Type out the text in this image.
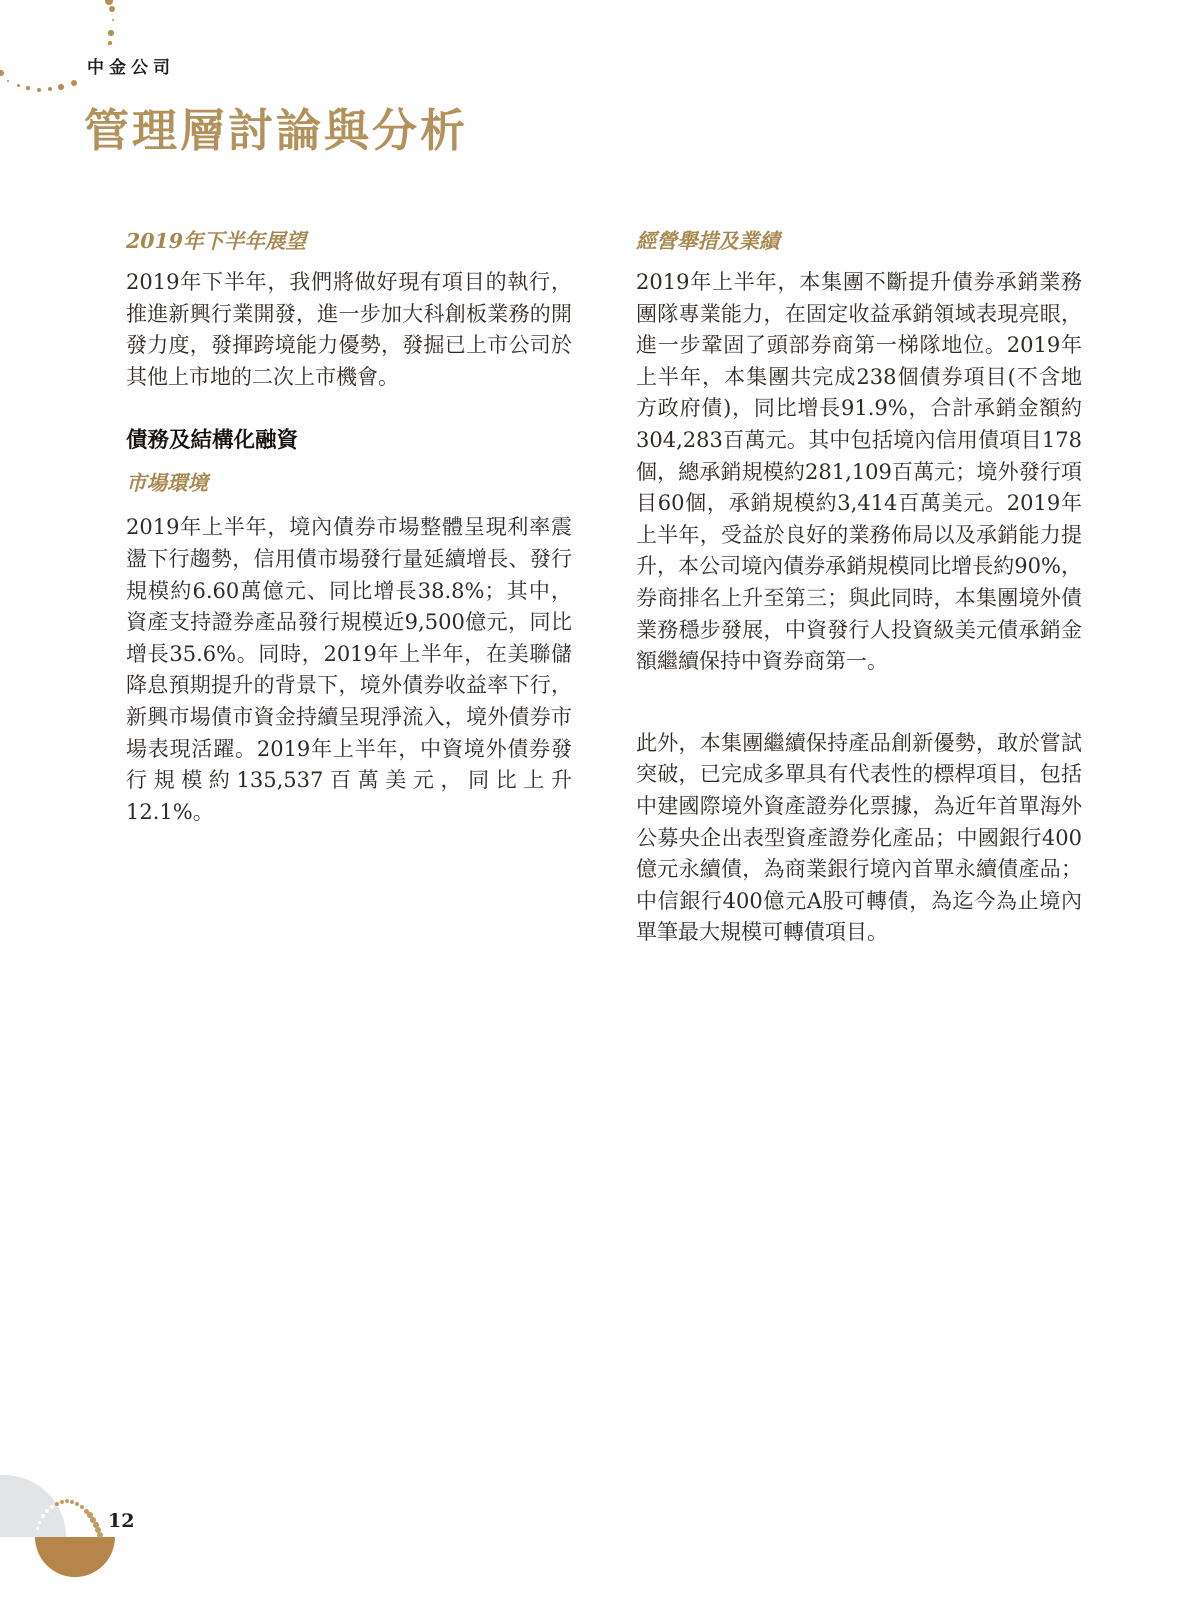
中金公司
管理層討論與分析
2019年下半年展望

2019年下半年，我們將做好現有項目的執行，推進新興行業開發，進一步加大科創板業務的開發力度，發揮跨境能力優勢，發掘已上市公司於其他上市地的二次上市機會。

債務及結構化融資
市場環境

2019年上半年，境內債券市場整體呈現利率震盪下行趨勢，信用債市場發行量延續增長、發行規模約6.60萬億元、同比增長38.8%；其中，資產支持證券產品發行規模近9,500億元，同比增長35.6%。同時，2019年上半年，在美聯儲降息預期提升的背景下，境外債券收益率下行，新興市場債市資金持續呈現淨流入，境外債券市場表現活躍。2019年上半年，中資境外債券發行規模約135,537百萬美元，同比上升12.1%。

經營舉措及業績

2019年上半年，本集團不斷提升債券承銷業務團隊專業能力，在固定收益承銷領域表現亮眼，進一步鞏固了頭部券商第一梯隊地位。2019年上半年，本集團共完成238個債券項目(不含地方政府債)，同比增長91.9%，合計承銷金額約304,283百萬元。其中包括境內信用債項目178個，總承銷規模約281,109百萬元；境外發行項目60個，承銷規模約3,414百萬美元。2019年上半年，受益於良好的業務佈局以及承銷能力提升，本公司境內債券承銷規模同比增長約90%，券商排名上升至第三；與此同時，本集團境外債業務穩步發展，中資發行人投資級美元債承銷金額繼續保持中資券商第一。

此外，本集團繼續保持產品創新優勢，敢於嘗試突破，已完成多單具有代表性的標桿項目，包括中建國際境外資產證券化票據，為近年首單海外公募央企出表型資產證券化產品；中國銀行400億元永續債，為商業銀行境內首單永續債產品；中信銀行400億元A股可轉債，為迄今為止境內單筆最大規模可轉債項目。

12
